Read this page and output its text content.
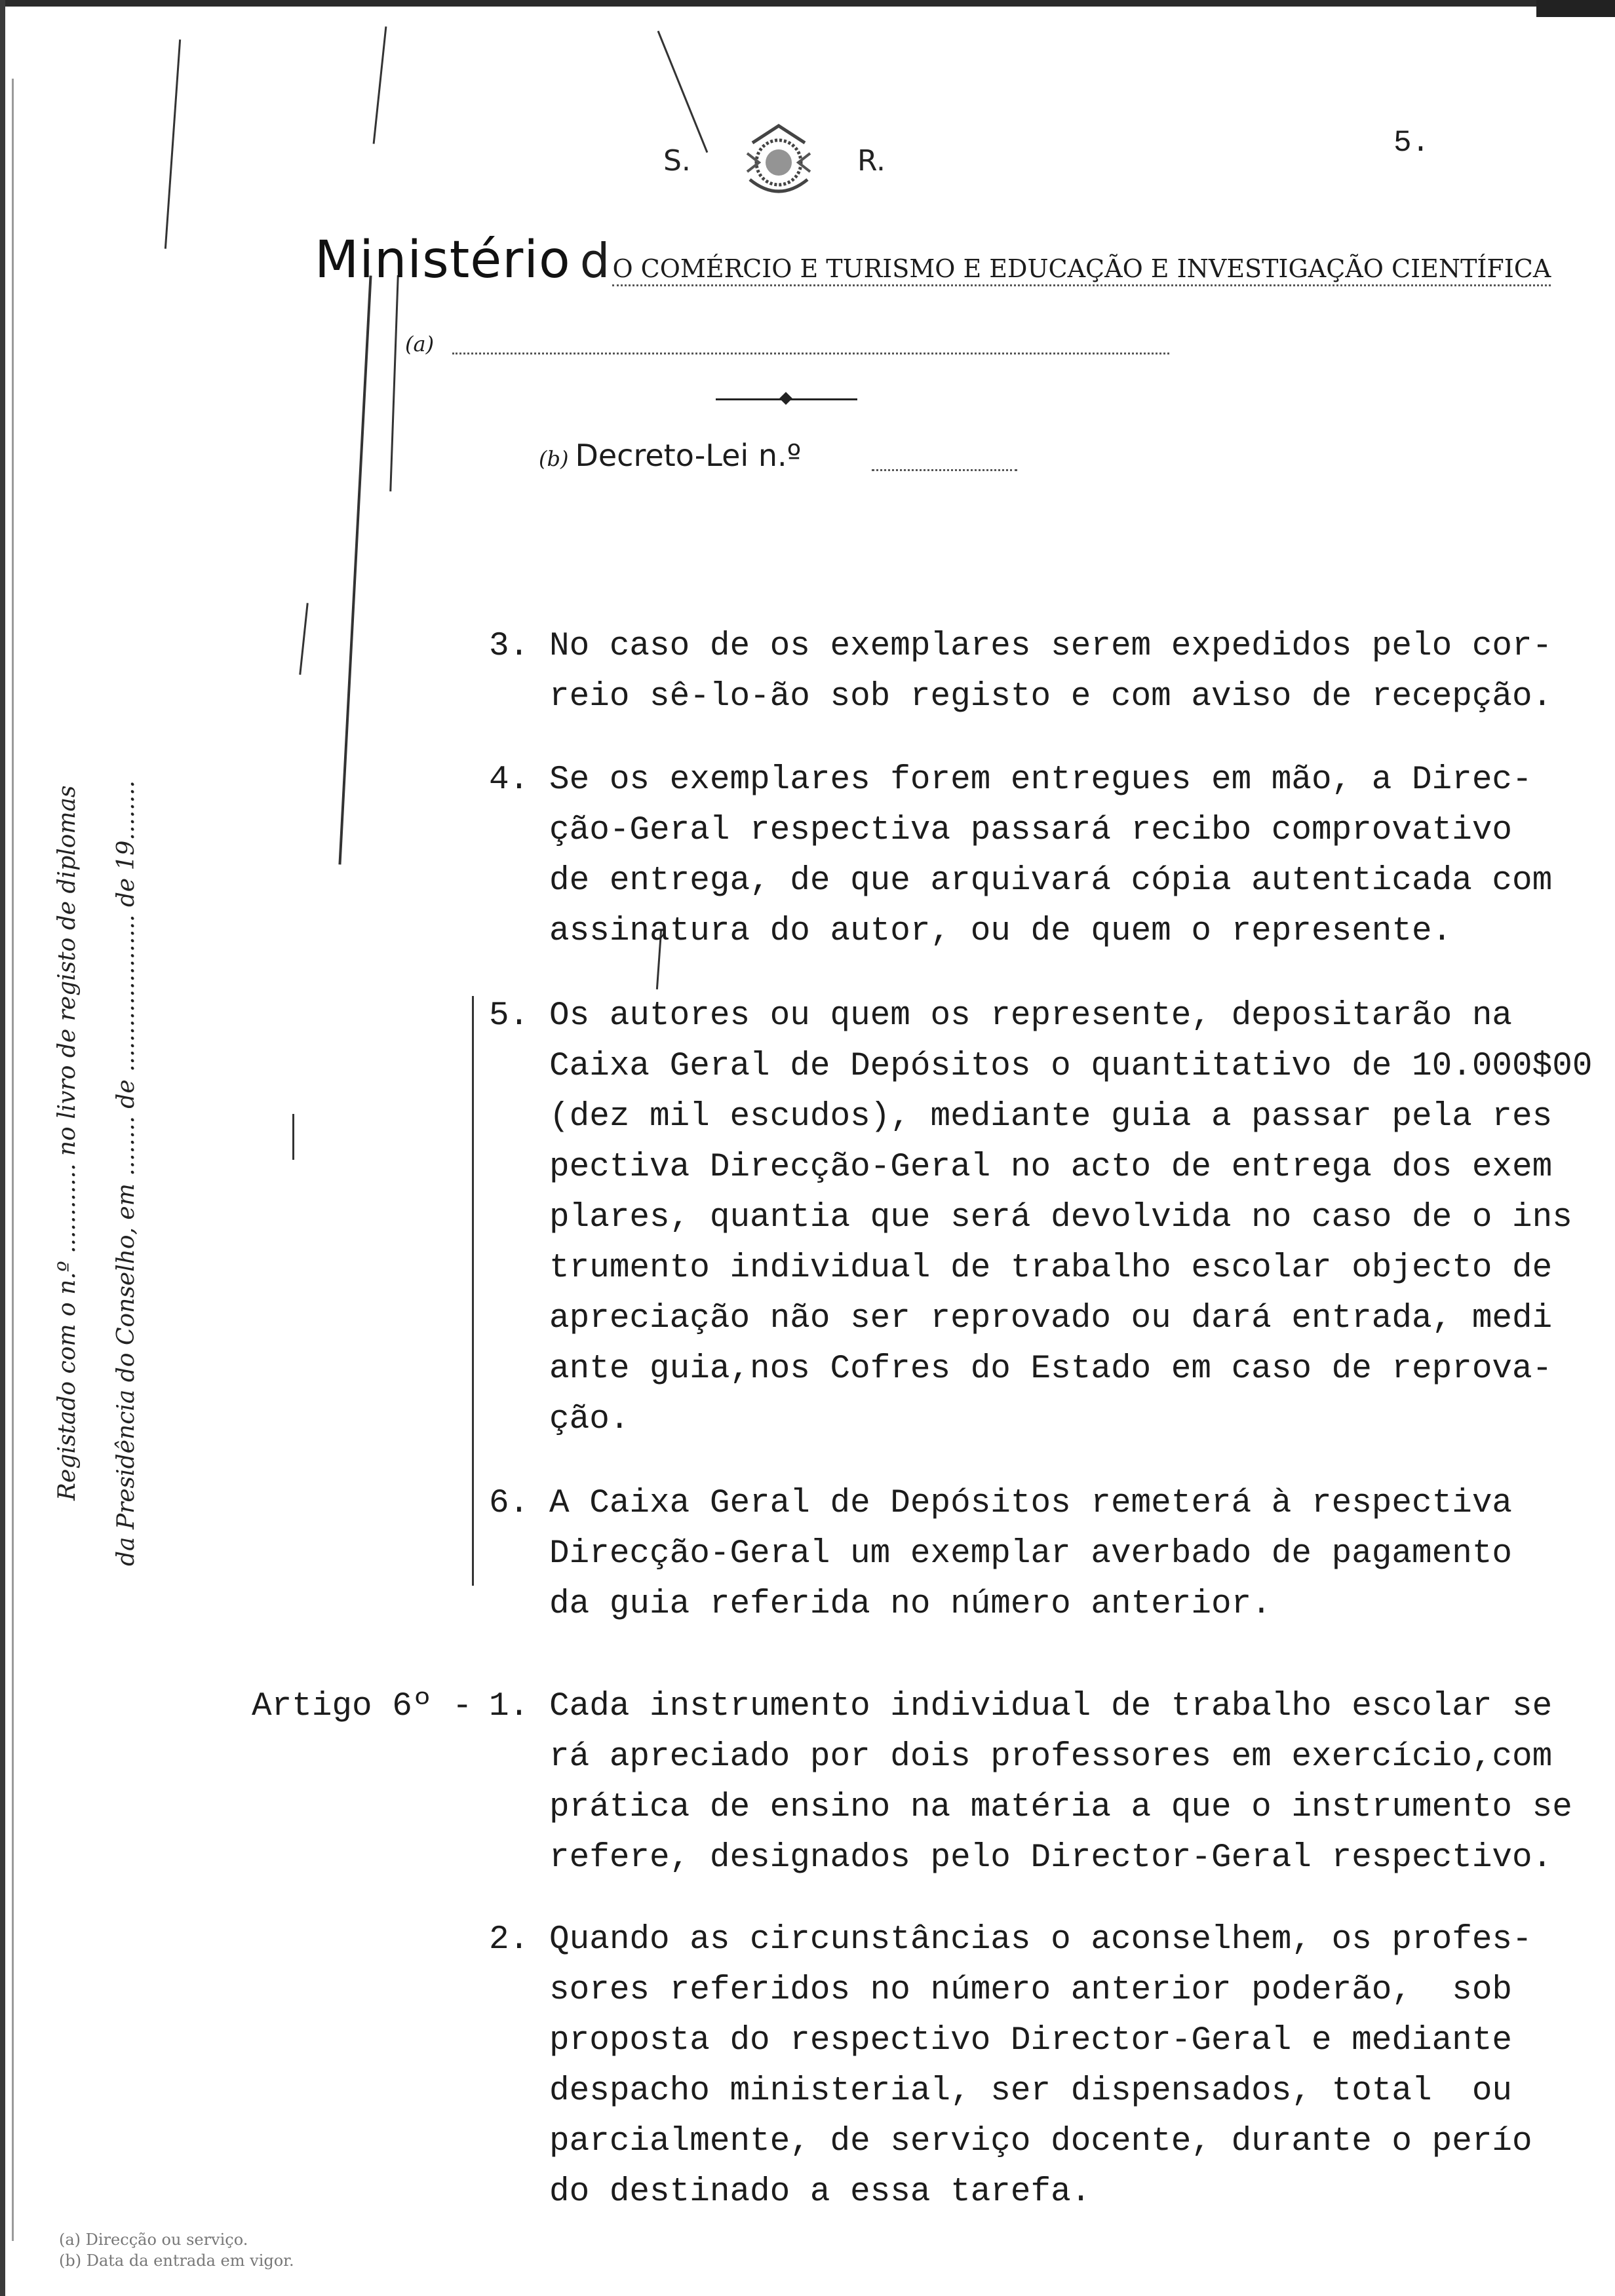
S.	R.
5.
Ministério d O COMÉRCIO E TURISMO E EDUCAÇÃO E INVESTIGAÇÃO CIENTÍFICA
(a)
(b) Decreto-Lei n.º
Registado com o n.º ............ no livro de registo de diplomas da Presidência do Conselho, em ........ de ..................... de 19........
3. No caso de os exemplares serem expedidos pelo cor-
reio sê-lo-ão sob registo e com aviso de recepção.
4. Se os exemplares forem entregues em mão, a Direc-
ção-Geral respectiva passará recibo comprovativo
de entrega, de que arquivará cópia autenticada com
assinatura do autor, ou de quem o represente.
5. Os autores ou quem os represente, depositarão na
Caixa Geral de Depósitos o quantitativo de 10.000$00
(dez mil escudos), mediante guia a passar pela res
pectiva Direcção-Geral no acto de entrega dos exem
plares, quantia que será devolvida no caso de o ins
trumento individual de trabalho escolar objecto de
apreciação não ser reprovado ou dará entrada, medi
ante guia,nos Cofres do Estado em caso de reprova-
ção.
6. A Caixa Geral de Depósitos remeterá à respectiva
Direcção-Geral um exemplar averbado de pagamento
da guia referida no número anterior.
Artigo 6º - 1. Cada instrumento individual de trabalho escolar se
rá apreciado por dois professores em exercício,com
prática de ensino na matéria a que o instrumento se
refere, designados pelo Director-Geral respectivo.
2. Quando as circunstâncias o aconselhem, os profes-
sores referidos no número anterior poderão,  sob
proposta do respectivo Director-Geral e mediante
despacho ministerial, ser dispensados, total  ou
parcialmente, de serviço docente, durante o perío
do destinado a essa tarefa.
(a) Direcção ou serviço.
(b) Data da entrada em vigor.
